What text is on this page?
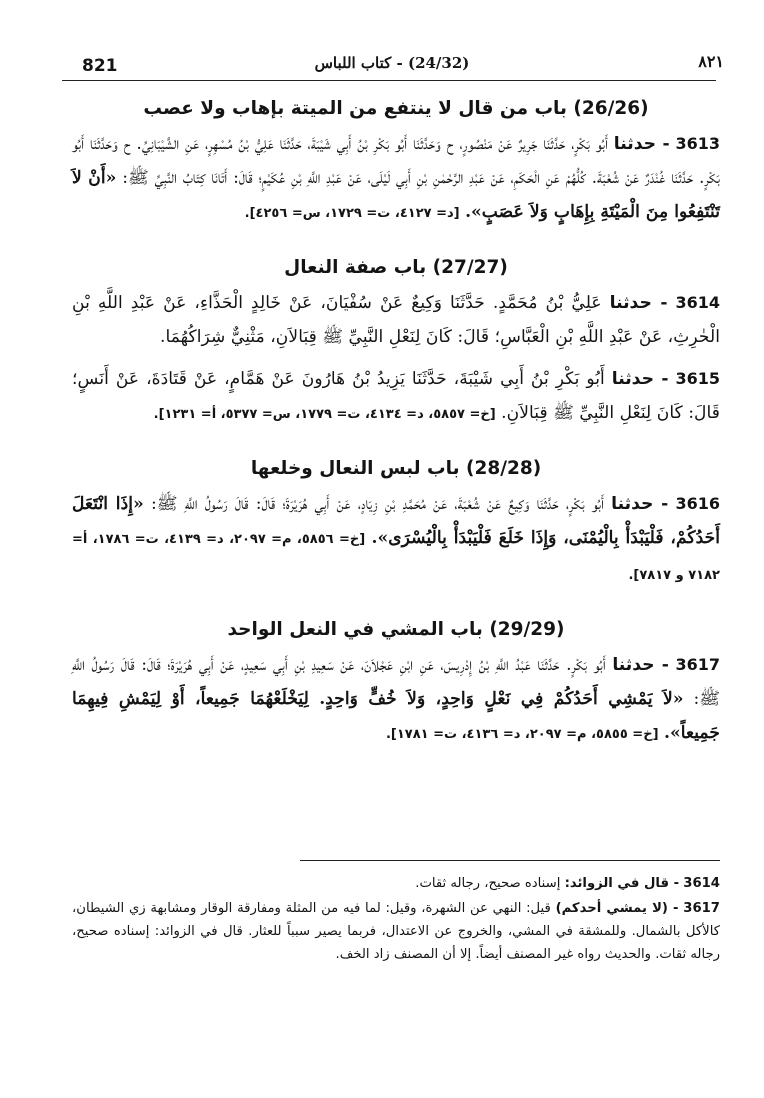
821	(24/32) - كتاب اللباس	٨٢١
(26/26) باب من قال لا ينتفع من الميتة بإهاب ولا عصب

3613 - حدثنا أَبُو بَكْرٍ، حَدَّثَنَا جَرِيرٌ عَنْ مَنْصُورٍ، ح وَحَدَّثَنَا أَبُو بَكْرِ بْنُ أَبِي شَيْبَةَ، حَدَّثَنَا عَلِيُّ بْنُ مُسْهِرٍ، عَنِ الشَّيْبَانِيِّ. ح وَحَدَّثَنَا أَبُو بَكْرٍ. حَدَّثَنَا غُنْدَرٌ عَنْ شُعْبَةَ. كُلُّهُمْ عَنِ الْحَكَمِ، عَنْ عَبْدِ الرَّحْمٰنِ بْنِ أَبِي لَيْلَى، عَنْ عَبْدِ اللَّهِ بْنِ عُكَيْمٍ؛ قَالَ: أَتَانَا كِتَابُ النَّبِيِّ ﷺ: «أَنْ لاَ تَنْتَفِعُوا مِنَ الْمَيْتَةِ بِإِهَابٍ وَلاَ عَصَبٍ». [د= ٤١٢٧، ت= ١٧٢٩، س= ٤٢٥٦].

(27/27) باب صفة النعال

3614 - حدثنا عَلِيُّ بْنُ مُحَمَّدٍ. حَدَّثَنَا وَكِيعٌ عَنْ سُفْيَانَ، عَنْ خَالِدٍ الْحَذَّاءِ، عَنْ عَبْدِ اللَّهِ بْنِ الْحٰرِثِ، عَنْ عَبْدِ اللَّهِ بْنِ الْعَبَّاسِ؛ قَالَ: كَانَ لِنَعْلِ النَّبِيِّ ﷺ قِبَالاَنِ، مَثْنِيٌّ شِرَاكُهُمَا.

3615 - حدثنا أَبُو بَكْرِ بْنُ أَبِي شَيْبَةَ، حَدَّثَنَا يَزِيدُ بْنُ هَارُونَ عَنْ هَمَّامٍ، عَنْ قَتَادَةَ، عَنْ أَنَسٍ؛ قَالَ: كَانَ لِنَعْلِ النَّبِيِّ ﷺ قِبَالاَنِ. [خ= ٥٨٥٧، د= ٤١٣٤، ت= ١٧٧٩، س= ٥٣٧٧، أ= ١٢٣١].

(28/28) باب لبس النعال وخلعها

3616 - حدثنا أَبُو بَكْرٍ، حَدَّثَنَا وَكِيعٌ عَنْ شُعْبَةَ، عَنْ مُحَمَّدِ بْنِ زِيَادٍ، عَنْ أَبِي هُرَيْرَةَ؛ قَالَ: قَالَ رَسُولُ اللَّهِ ﷺ: «إِذَا انْتَعَلَ أَحَدُكُمْ، فَلْيَبْدَأْ بِالْيُمْنَى، وَإِذَا خَلَعَ فَلْيَبْدَأْ بِالْيُسْرَى». [خ= ٥٨٥٦، م= ٢٠٩٧، د= ٤١٣٩، ت= ١٧٨٦، أ= ٧١٨٢ و ٧٨١٧].

(29/29) باب المشي في النعل الواحد

3617 - حدثنا أَبُو بَكْرٍ. حَدَّثَنَا عَبْدُ اللَّهِ بْنُ إِدْرِيسَ، عَنِ ابْنِ عَجْلاَنَ، عَنْ سَعِيدِ بْنِ أَبِي سَعِيدٍ، عَنْ أَبِي هُرَيْرَةَ؛ قَالَ: قَالَ رَسُولُ اللَّهِ ﷺ: «لاَ يَمْشِي أَحَدُكُمْ فِي نَعْلٍ وَاحِدٍ، وَلاَ خُفٍّ وَاحِدٍ. لِيَخْلَعْهُمَا جَمِيعاً، أَوْ لِيَمْشِ فِيهِمَا جَمِيعاً». [خ= ٥٨٥٥، م= ٢٠٩٧، د= ٤١٣٦، ت= ١٧٨١].

3614 - قال في الزوائد: إسناده صحيح، رجاله ثقات.

3617 - (لا يمشي أحدكم) قيل: النهي عن الشهرة، وقيل: لما فيه من المثلة ومفارقة الوقار ومشابهة زي الشيطان، كالأكل بالشمال. وللمشقة في المشي، والخروج عن الاعتدال، فربما يصير سبباً للعثار. قال في الزوائد: إسناده صحيح، رجاله ثقات. والحديث رواه غير المصنف أيضاً. إلا أن المصنف زاد الخف.
